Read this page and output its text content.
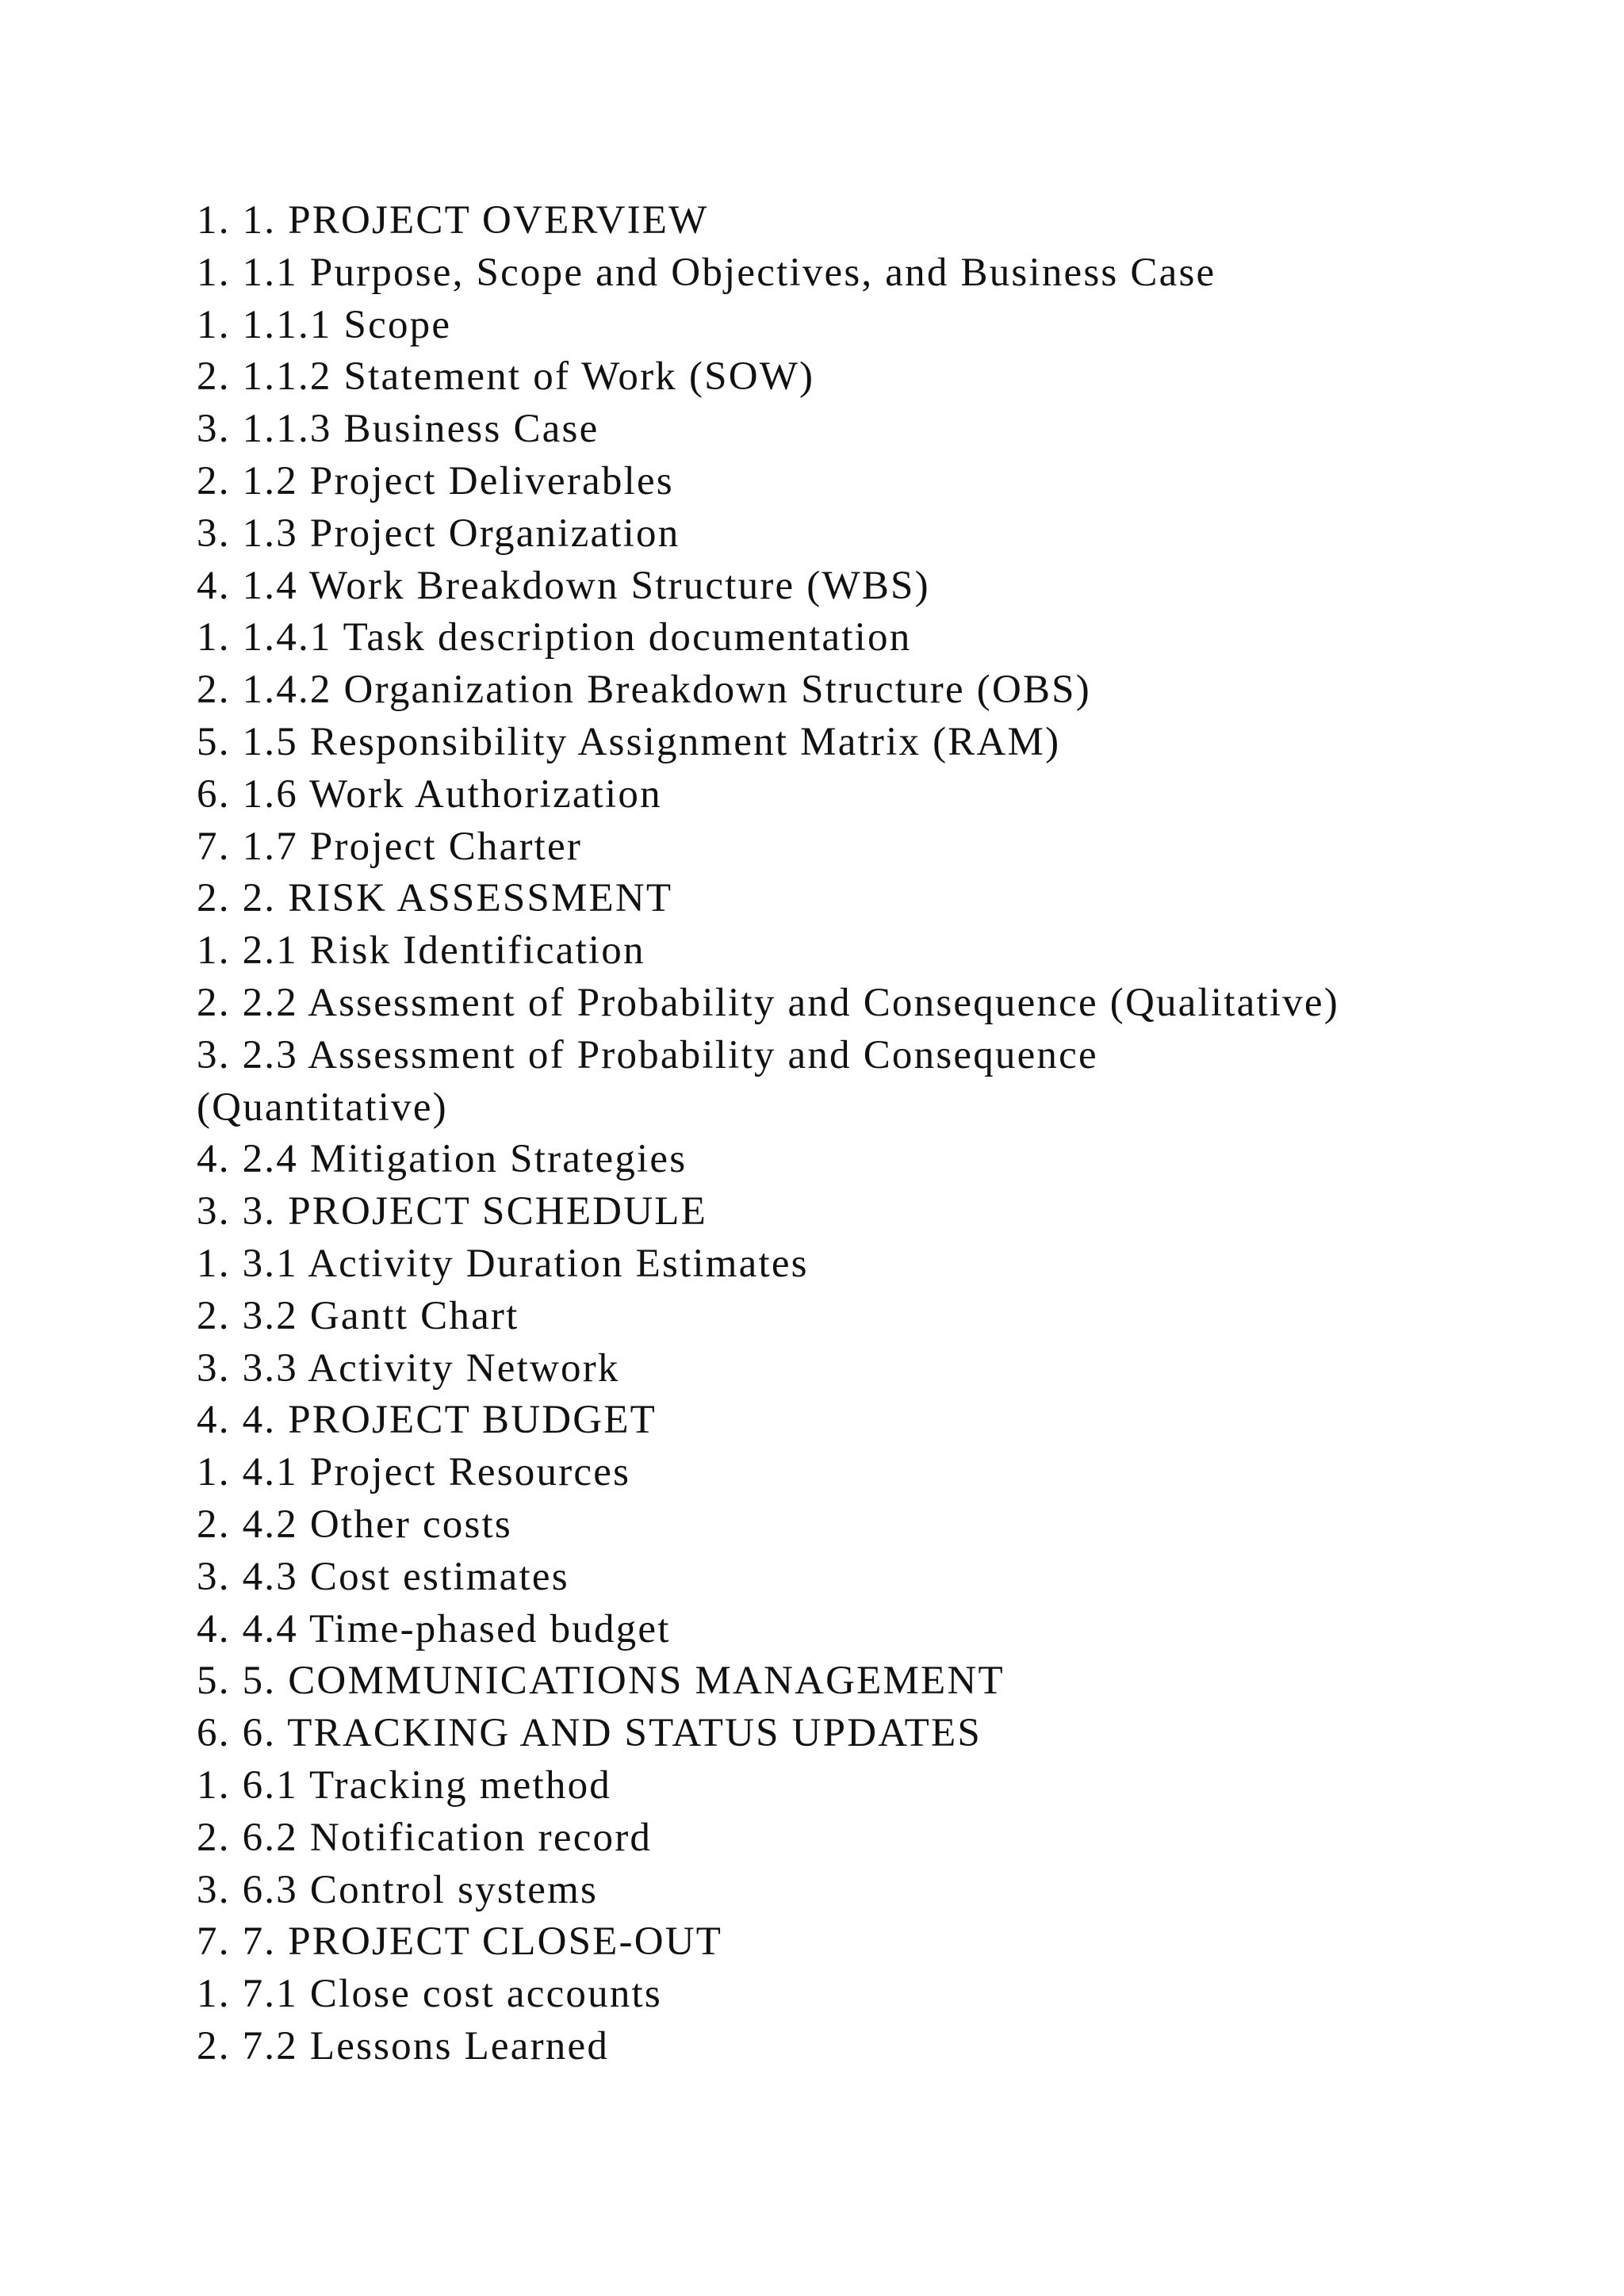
1. 1. PROJECT OVERVIEW
1. 1.1 Purpose, Scope and Objectives, and Business Case
1. 1.1.1 Scope
2. 1.1.2 Statement of Work (SOW)
3. 1.1.3 Business Case
2. 1.2 Project Deliverables
3. 1.3 Project Organization
4. 1.4 Work Breakdown Structure (WBS)
1. 1.4.1 Task description documentation
2. 1.4.2 Organization Breakdown Structure (OBS)
5. 1.5 Responsibility Assignment Matrix (RAM)
6. 1.6 Work Authorization
7. 1.7 Project Charter
2. 2. RISK ASSESSMENT
1. 2.1 Risk Identification
2. 2.2 Assessment of Probability and Consequence (Qualitative)
3. 2.3 Assessment of Probability and Consequence
(Quantitative)
4. 2.4 Mitigation Strategies
3. 3. PROJECT SCHEDULE
1. 3.1 Activity Duration Estimates
2. 3.2 Gantt Chart
3. 3.3 Activity Network
4. 4. PROJECT BUDGET
1. 4.1 Project Resources
2. 4.2 Other costs
3. 4.3 Cost estimates
4. 4.4 Time-phased budget
5. 5. COMMUNICATIONS MANAGEMENT
6. 6. TRACKING AND STATUS UPDATES
1. 6.1 Tracking method
2. 6.2 Notification record
3. 6.3 Control systems
7. 7. PROJECT CLOSE-OUT
1. 7.1 Close cost accounts
2. 7.2 Lessons Learned
